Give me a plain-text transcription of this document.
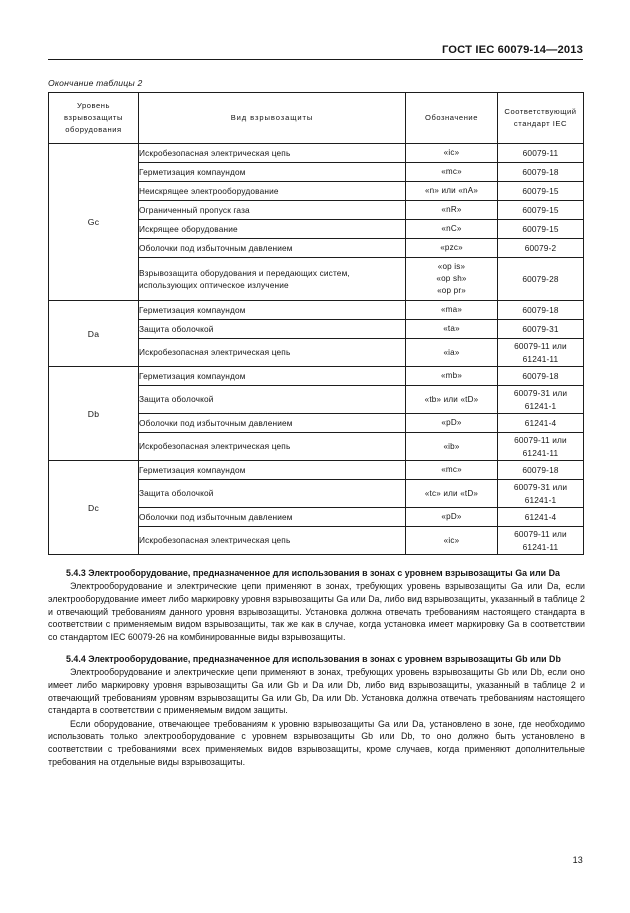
ГОСТ IEC 60079-14—2013
Окончание таблицы 2
Уровень
взрывозащиты
оборудования	Вид взрывозащиты	Обозначение	Соответствующий
стандарт IEC
Gc	Искробезопасная электрическая цепь	«ic»	60079-11
	Герметизация компаундом	«mc»	60079-18
	Неискрящее электрооборудование	«n» или «nA»	60079-15
	Ограниченный пропуск газа	«nR»	60079-15
	Искрящее оборудование	«nC»	60079-15
	Оболочки под избыточным давлением	«pzc»	60079-2
	Взрывозащита оборудования и передающих систем, использующих оптическое излучение	«op is»
«op sh»
«op pr»	60079-28
Da	Герметизация компаундом	«ma»	60079-18
	Защита оболочкой	«ta»	60079-31
	Искробезопасная электрическая цепь	«ia»	60079-11 или
61241-11
Db	Герметизация компаундом	«mb»	60079-18
	Защита оболочкой	«tb» или «tD»	60079-31 или
61241-1
	Оболочки под избыточным давлением	«pD»	61241-4
	Искробезопасная электрическая цепь	«ib»	60079-11 или
61241-11
Dc	Герметизация компаундом	«mc»	60079-18
	Защита оболочкой	«tc» или «tD»	60079-31 или
61241-1
	Оболочки под избыточным давлением	«pD»	61241-4
	Искробезопасная электрическая цепь	«ic»	60079-11 или
61241-11

5.4.3 Электрооборудование, предназначенное для использования в зонах с уровнем взрывозащиты Ga или Da

Электрооборудование и электрические цепи применяют в зонах, требующих уровень взрывозащиты Ga или Da, если электрооборудование имеет либо маркировку уровня взрывозащиты Ga или Da, либо вид взрывозащиты, указанный в таблице 2 и отвечающий требованиям данного уровня взрывозащиты. Установка должна отвечать требованиям настоящего стандарта в соответствии с применяемым видом взрывозащиты, так же как в случае, когда установка имеет маркировку Ga в соответствии со стандартом IEC 60079-26 на комбинированные виды взрывозащиты.

5.4.4 Электрооборудование, предназначенное для использования в зонах с уровнем взрывозащиты Gb или Db

Электрооборудование и электрические цепи применяют в зонах, требующих уровень взрывозащиты Gb или Db, если оно имеет либо маркировку уровня взрывозащиты Ga или Gb и Da или Db, либо вид взрывозащиты, указанный в таблице 2 и отвечающий требованиям уровням взрывозащиты Ga или Gb, Da или Db. Установка должна отвечать требованиям настоящего стандарта в соответствии с применяемым видом защиты.

Если оборудование, отвечающее требованиям к уровню взрывозащиты Ga или Da, установлено в зоне, где необходимо использовать только электрооборудование с уровнем взрывозащиты Gb или Db, то оно должно быть установлено в соответствии с требованиями всех применяемых видов взрывозащиты, кроме случаев, когда применяют дополнительные требования на отдельные виды взрывозащиты.

13
